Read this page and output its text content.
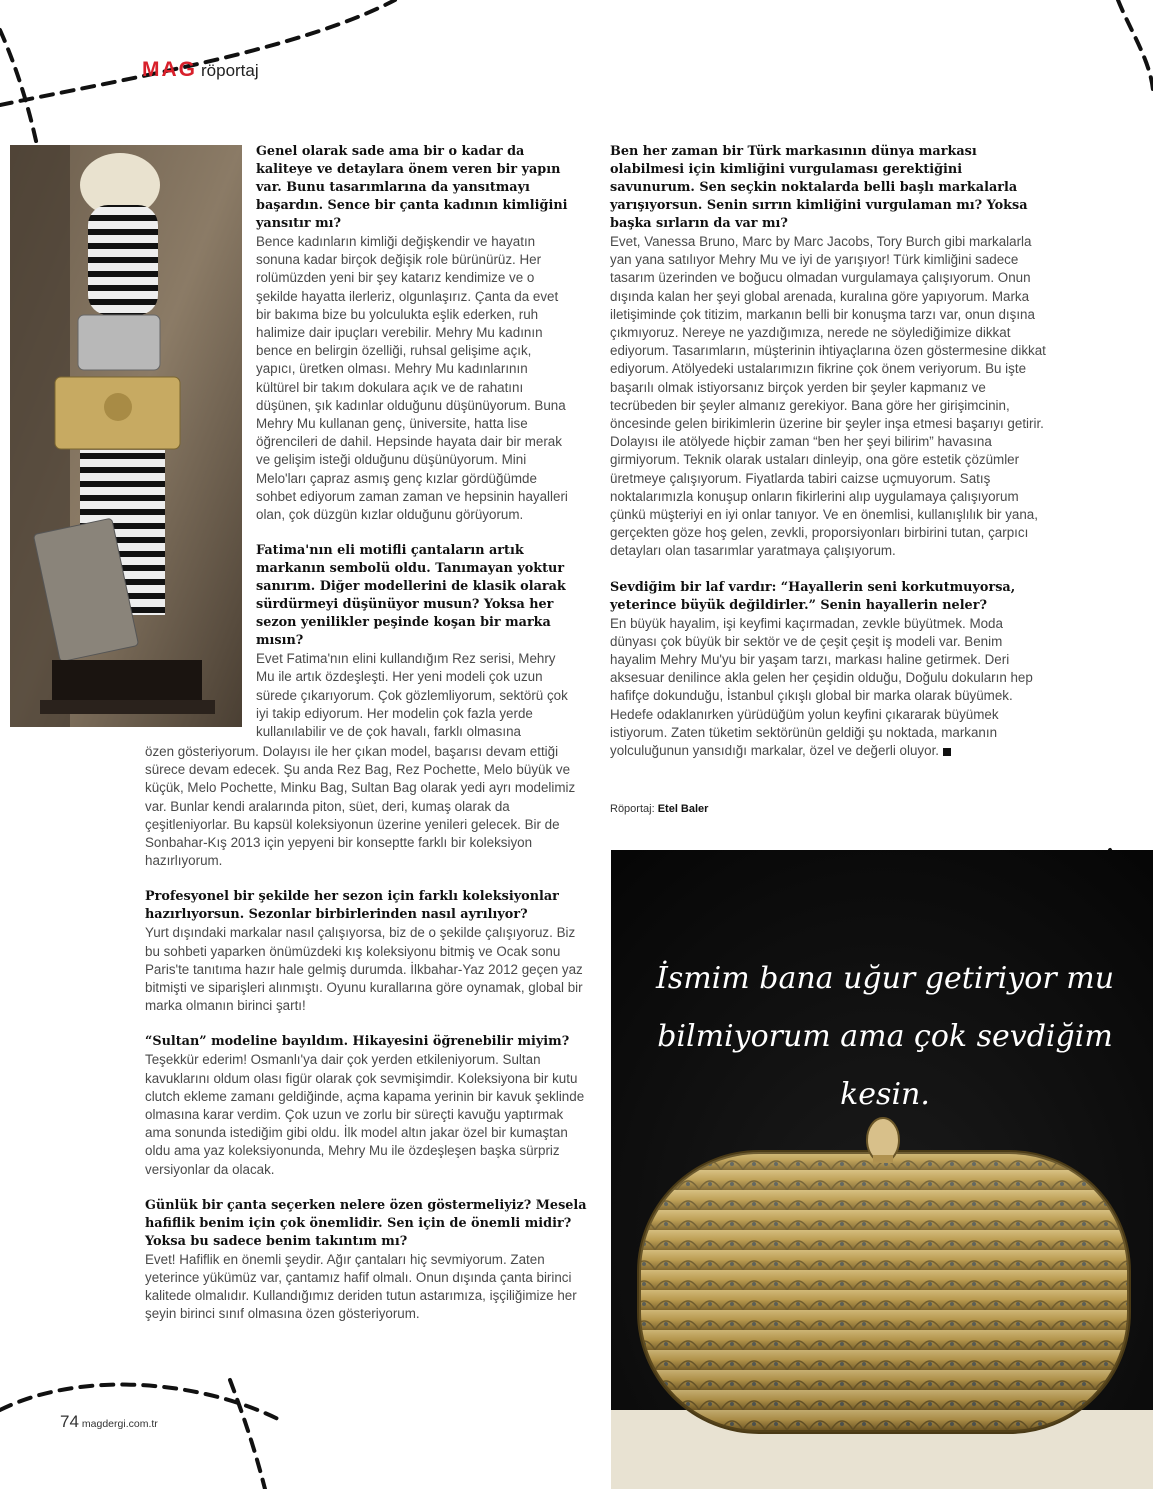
MAG röportaj

Genel olarak sade ama bir o kadar da kaliteye ve detaylara önem veren bir yapın var. Bunu tasarımlarına da yansıtmayı başardın. Sence bir çanta kadının kimliğini yansıtır mı?

Bence kadınların kimliği değişkendir ve hayatın sonuna kadar birçok değişik role bürünürüz. Her rolümüzden yeni bir şey katarız kendimize ve o şekilde hayatta ilerleriz, olgunlaşırız. Çanta da evet bir bakıma bize bu yolculukta eşlik ederken, ruh halimize dair ipuçları verebilir. Mehry Mu kadının bence en belirgin özelliği, ruhsal gelişime açık, yapıcı, üretken olması. Mehry Mu kadınlarının kültürel bir takım dokulara açık ve de rahatını düşünen, şık kadınlar olduğunu düşünüyorum. Buna Mehry Mu kullanan genç, üniversite, hatta lise öğrencileri de dahil. Hepsinde hayata dair bir merak ve gelişim isteği olduğunu düşünüyorum. Mini Melo'ları çapraz asmış genç kızlar gördüğümde sohbet ediyorum zaman zaman ve hepsinin hayalleri olan, çok düzgün kızlar olduğunu görüyorum.

Fatima'nın eli motifli çantaların artık markanın sembolü oldu. Tanımayan yoktur sanırım. Diğer modellerini de klasik olarak sürdürmeyi düşünüyor musun? Yoksa her sezon yenilikler peşinde koşan bir marka mısın?

Evet Fatima'nın elini kullandığım Rez serisi, Mehry Mu ile artık özdeşleşti. Her yeni modeli çok uzun sürede çıkarıyorum. Çok gözlemliyorum, sektörü çok iyi takip ediyorum. Her modelin çok fazla yerde kullanılabilir ve de çok havalı, farklı olmasına

özen gösteriyorum. Dolayısı ile her çıkan model, başarısı devam ettiği sürece devam edecek. Şu anda Rez Bag, Rez Pochette, Melo büyük ve küçük, Melo Pochette, Minku Bag, Sultan Bag olarak yedi ayrı modelimiz var. Bunlar kendi aralarında piton, süet, deri, kumaş olarak da çeşitleniyorlar. Bu kapsül koleksiyonun üzerine yenileri gelecek. Bir de Sonbahar-Kış 2013 için yepyeni bir konseptte farklı bir koleksiyon hazırlıyorum.

Profesyonel bir şekilde her sezon için farklı koleksiyonlar hazırlıyorsun. Sezonlar birbirlerinden nasıl ayrılıyor?

Yurt dışındaki markalar nasıl çalışıyorsa, biz de o şekilde çalışıyoruz. Biz bu sohbeti yaparken önümüzdeki kış koleksiyonu bitmiş ve Ocak sonu Paris'te tanıtıma hazır hale gelmiş durumda. İlkbahar-Yaz 2012 geçen yaz bitmişti ve siparişleri alınmıştı. Oyunu kurallarına göre oynamak, global bir marka olmanın birinci şartı!

“Sultan” modeline bayıldım. Hikayesini öğrenebilir miyim?

Teşekkür ederim! Osmanlı'ya dair çok yerden etkileniyorum. Sultan kavuklarını oldum olası figür olarak çok sevmişimdir. Koleksiyona bir kutu clutch ekleme zamanı geldiğinde, açma kapama yerinin bir kavuk şeklinde olmasına karar verdim. Çok uzun ve zorlu bir süreçti kavuğu yaptırmak ama sonunda istediğim gibi oldu. İlk model altın jakar özel bir kumaştan oldu ama yaz koleksiyonunda, Mehry Mu ile özdeşleşen başka sürpriz versiyonlar da olacak.

Günlük bir çanta seçerken nelere özen göstermeliyiz? Mesela hafiflik benim için çok önemlidir. Sen için de önemli midir? Yoksa bu sadece benim takıntım mı?

Evet! Hafiflik en önemli şeydir. Ağır çantaları hiç sevmiyorum. Zaten yeterince yükümüz var, çantamız hafif olmalı. Onun dışında çanta birinci kalitede olmalıdır. Kullandığımız deriden tutun astarımıza, işçiliğimize her şeyin birinci sınıf olmasına özen gösteriyorum.

Ben her zaman bir Türk markasının dünya markası olabilmesi için kimliğini vurgulaması gerektiğini savunurum. Sen seçkin noktalarda belli başlı markalarla yarışıyorsun. Senin sırrın kimliğini vurgulaman mı? Yoksa başka sırların da var mı?

Evet, Vanessa Bruno, Marc by Marc Jacobs, Tory Burch gibi markalarla yan yana satılıyor Mehry Mu ve iyi de yarışıyor! Türk kimliğini sadece tasarım üzerinden ve boğucu olmadan vurgulamaya çalışıyorum. Onun dışında kalan her şeyi global arenada, kuralına göre yapıyorum. Marka iletişiminde çok titizim, markanın belli bir konuşma tarzı var, onun dışına çıkmıyoruz. Nereye ne yazdığımıza, nerede ne söylediğimize dikkat ediyorum. Tasarımların, müşterinin ihtiyaçlarına özen göstermesine dikkat ediyorum. Atölyedeki ustalarımızın fikrine çok önem veriyorum. Bu işte başarılı olmak istiyorsanız birçok yerden bir şeyler kapmanız ve tecrübeden bir şeyler almanız gerekiyor. Bana göre her girişimcinin, öncesinde gelen birikimlerin üzerine bir şeyler inşa etmesi başarıyı getirir. Dolayısı ile atölyede hiçbir zaman “ben her şeyi bilirim” havasına girmiyorum. Teknik olarak ustaları dinleyip, ona göre estetik çözümler üretmeye çalışıyorum. Fiyatlarda tabiri caizse uçmuyorum. Satış noktalarımızla konuşup onların fikirlerini alıp uygulamaya çalışıyorum çünkü müşteriyi en iyi onlar tanıyor. Ve en önemlisi, kullanışlılık bir yana, gerçekten göze hoş gelen, zevkli, proporsiyonları birbirini tutan, çarpıcı detayları olan tasarımlar yaratmaya çalışıyorum.

Sevdiğim bir laf vardır: “Hayallerin seni korkutmuyorsa, yeterince büyük değildirler.” Senin hayallerin neler?

En büyük hayalim, işi keyfimi kaçırmadan, zevkle büyütmek. Moda dünyası çok büyük bir sektör ve de çeşit çeşit iş modeli var. Benim hayalim Mehry Mu'yu bir yaşam tarzı, markası haline getirmek. Deri aksesuar denilince akla gelen her çeşidin olduğu, Doğulu dokuların hep hafifçe dokunduğu, İstanbul çıkışlı global bir marka olarak büyümek. Hedefe odaklanırken yürüdüğüm yolun keyfini çıkararak büyümek istiyorum. Zaten tüketim sektörünün geldiği şu noktada, markanın yolculuğunun yansıdığı markalar, özel ve değerli oluyor.

Röportaj: Etel Baler
İsmim bana uğur getiriyor mu
bilmiyorum ama çok sevdiğim kesin.
74 magdergi.com.tr
